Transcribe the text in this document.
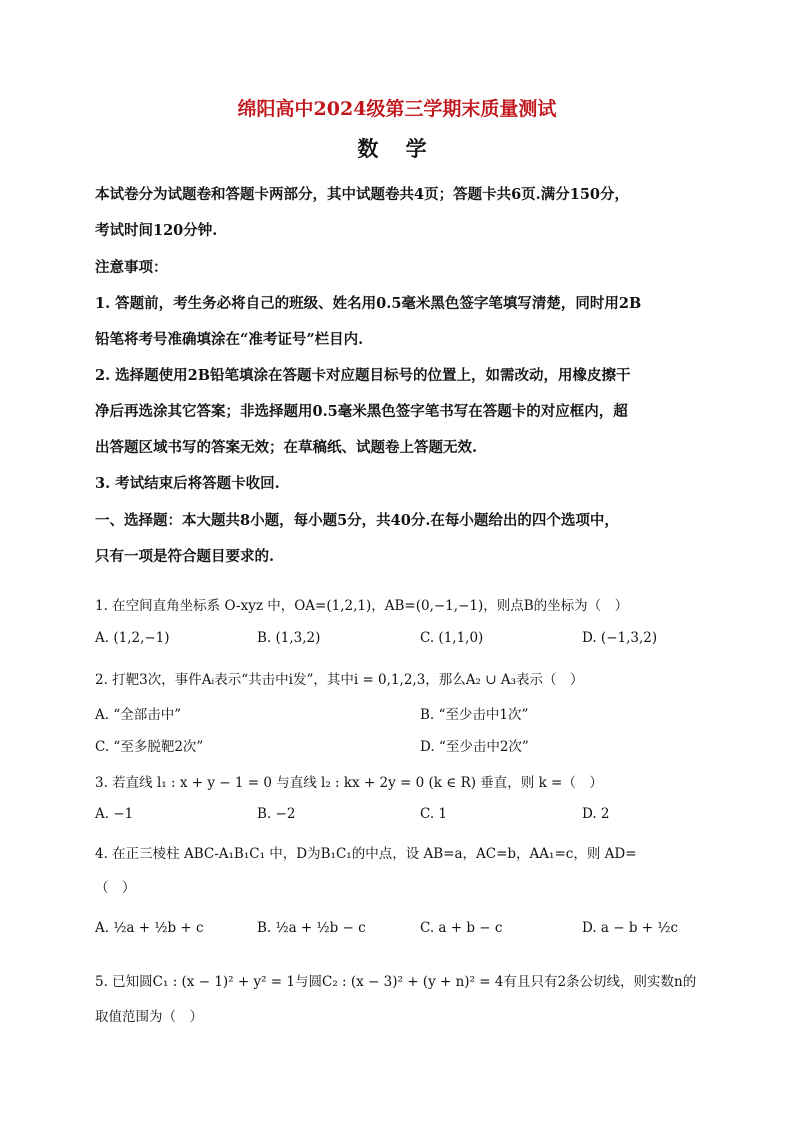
绵阳高中2024级第三学期末质量测试
数 学
本试卷分为试题卷和答题卡两部分，其中试题卷共4页；答题卡共6页.满分150分，
考试时间120分钟.
注意事项：
1. 答题前，考生务必将自己的班级、姓名用0.5毫米黑色签字笔填写清楚，同时用2B
铅笔将考号准确填涂在“准考证号”栏目内.
2. 选择题使用2B铅笔填涂在答题卡对应题目标号的位置上，如需改动，用橡皮擦干
净后再选涂其它答案；非选择题用0.5毫米黑色签字笔书写在答题卡的对应框内，超
出答题区域书写的答案无效；在草稿纸、试题卷上答题无效.
3. 考试结束后将答题卡收回.
一、选择题：本大题共8小题，每小题5分，共40分.在每小题给出的四个选项中，
只有一项是符合题目要求的.
1. 在空间直角坐标系 O-xyz 中，OA=(1,2,1)，AB=(0,−1,−1)，则点B的坐标为（　）
A. (1,2,−1)	B. (1,3,2)	C. (1,1,0)	D. (−1,3,2)
2. 打靶3次，事件Aᵢ表示“共击中i发”，其中i = 0,1,2,3，那么A₂ ∪ A₃表示（　）
A. “全部击中”	B. “至少击中1次”
C. “至多脱靶2次”	D. “至少击中2次”
3. 若直线 l₁ : x + y − 1 = 0 与直线 l₂ : kx + 2y = 0 (k ∈ R) 垂直，则 k =（　）
A. −1	B. −2	C. 1	D. 2
4. 在正三棱柱 ABC-A₁B₁C₁ 中，D为B₁C₁的中点，设 AB=a，AC=b，AA₁=c，则 AD=
（　）
A. ½a + ½b + c	B. ½a + ½b − c	C. a + b − c	D. a − b + ½c
5. 已知圆C₁ : (x − 1)² + y² = 1与圆C₂ : (x − 3)² + (y + n)² = 4有且只有2条公切线，则实数n的
取值范围为（　）
